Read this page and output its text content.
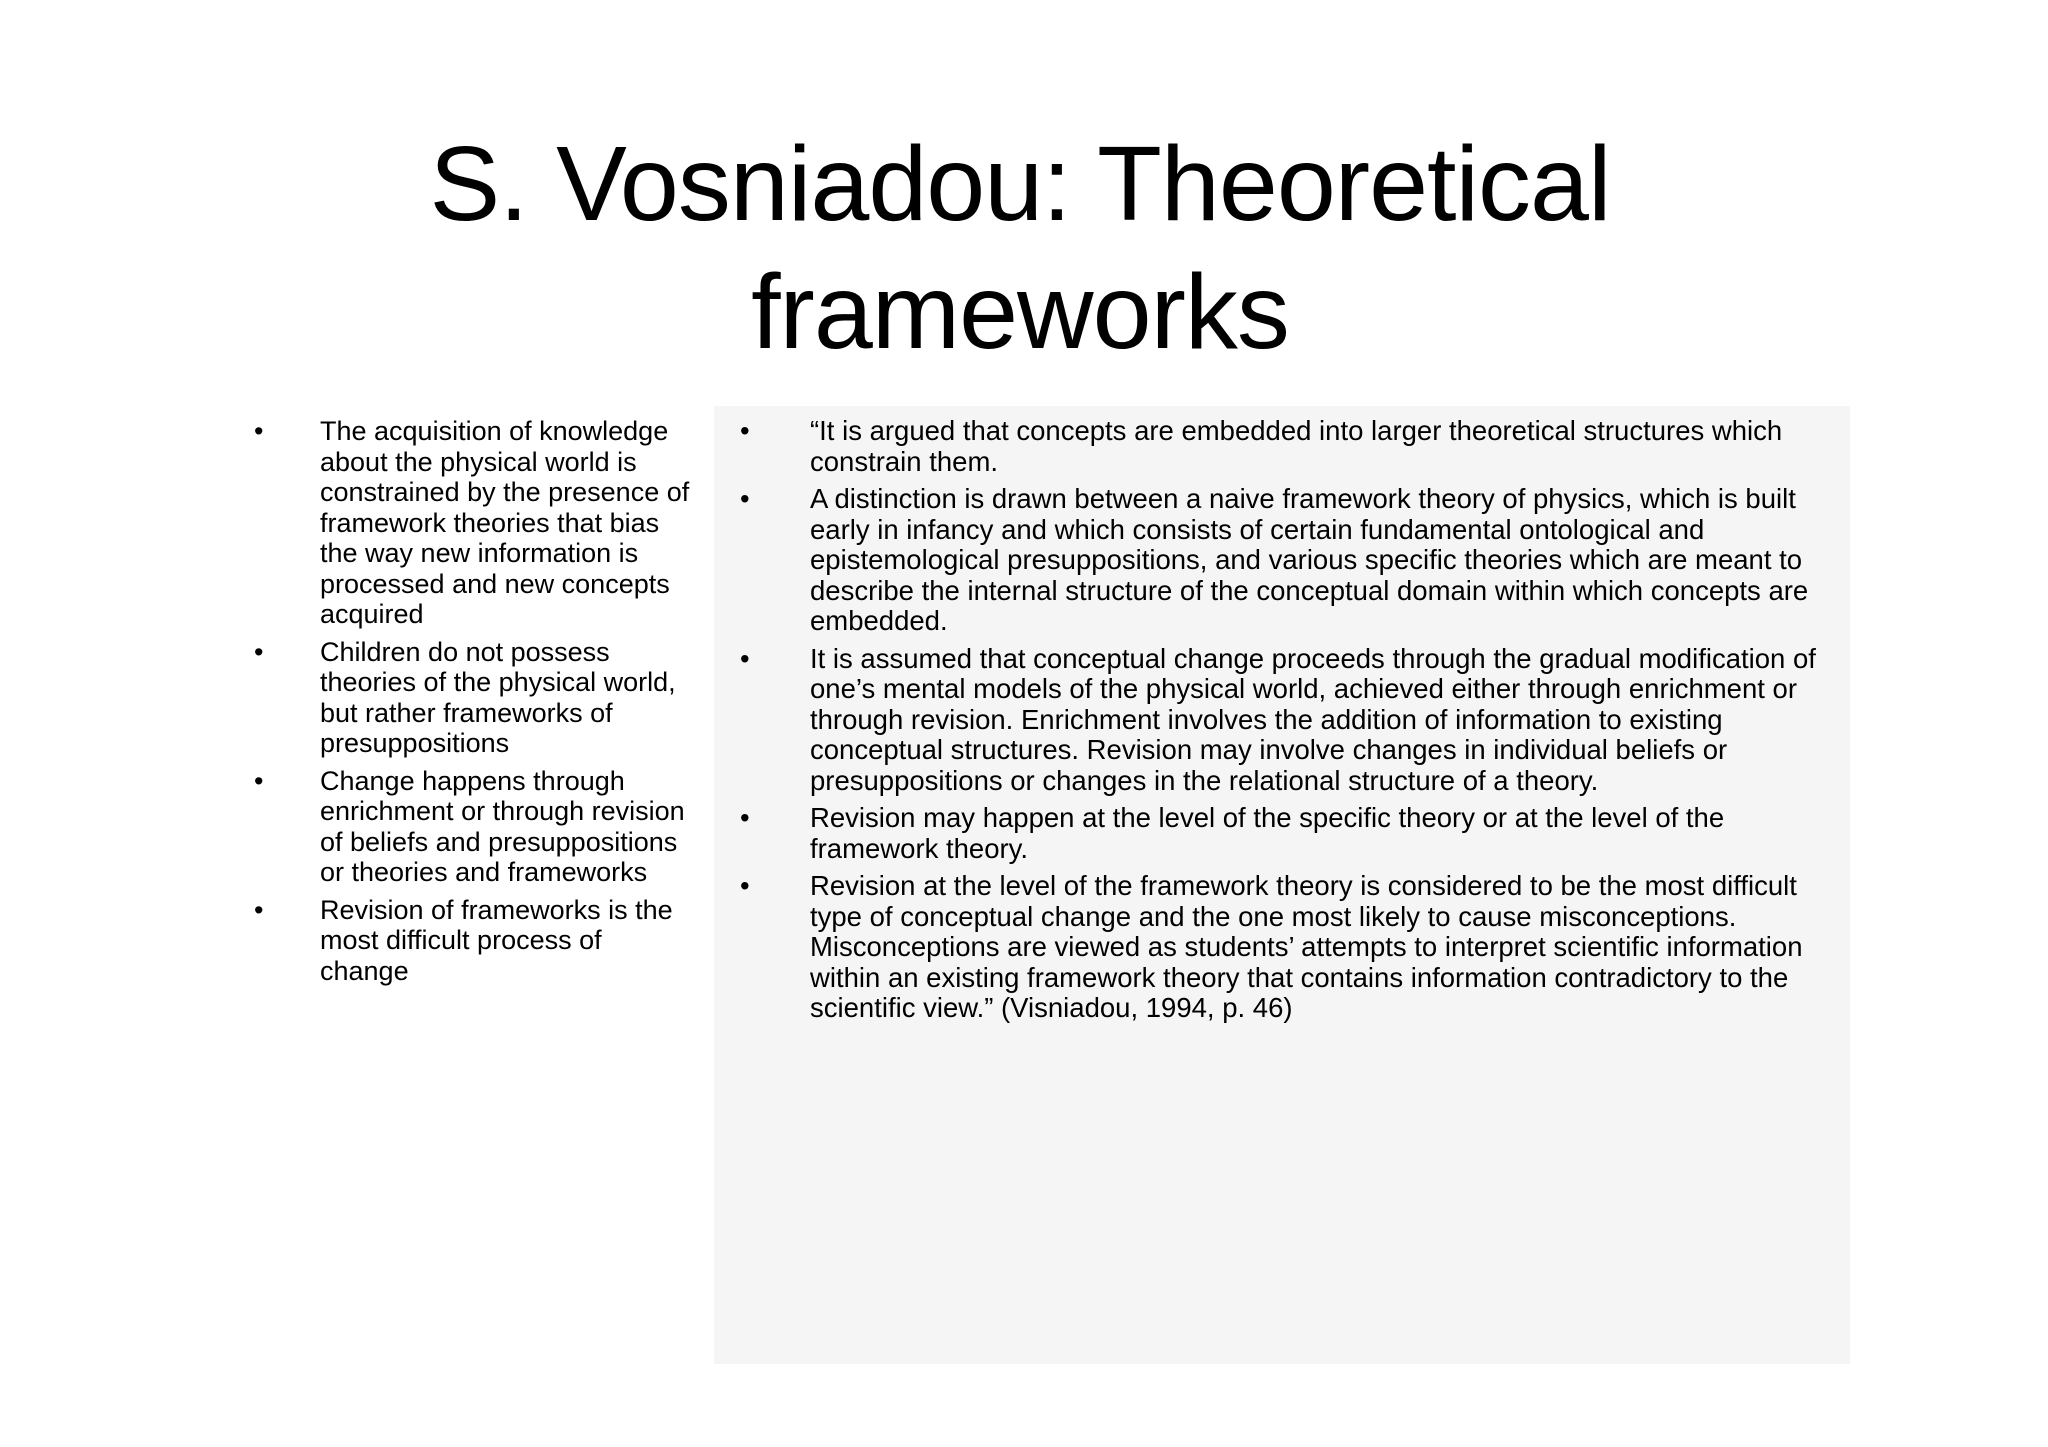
S. Vosniadou: Theoretical
frameworks
•	The acquisition of knowledge about the physical world is constrained by the presence of framework theories that bias the way new information is processed and new concepts acquired
•	Children do not possess theories of the physical world, but rather frameworks of presuppositions
•	Change happens through enrichment or through revision of beliefs and presuppositions or theories and frameworks
•	Revision of frameworks is the most difficult process of change
•	“It is argued that concepts are embedded into larger theoretical structures which constrain them.
•	A distinction is drawn between a naive framework theory of physics, which is built early in infancy and which consists of certain fundamental ontological and epistemological presuppositions, and various specific theories which are meant to describe the internal structure of the conceptual domain within which concepts are embedded.
•	It is assumed that conceptual change proceeds through the gradual modification of one’s mental models of the physical world, achieved either through enrichment or through revision. Enrichment involves the addition of information to existing conceptual structures. Revision may involve changes in individual beliefs or presuppositions or changes in the relational structure of a theory.
•	Revision may happen at the level of the specific theory or at the level of the framework theory.
•	Revision at the level of the framework theory is considered to be the most difficult type of conceptual change and the one most likely to cause misconceptions. Misconceptions are viewed as students’ attempts to interpret scientific information within an existing framework theory that contains information contradictory to the scientific view.” (Visniadou, 1994, p. 46)
